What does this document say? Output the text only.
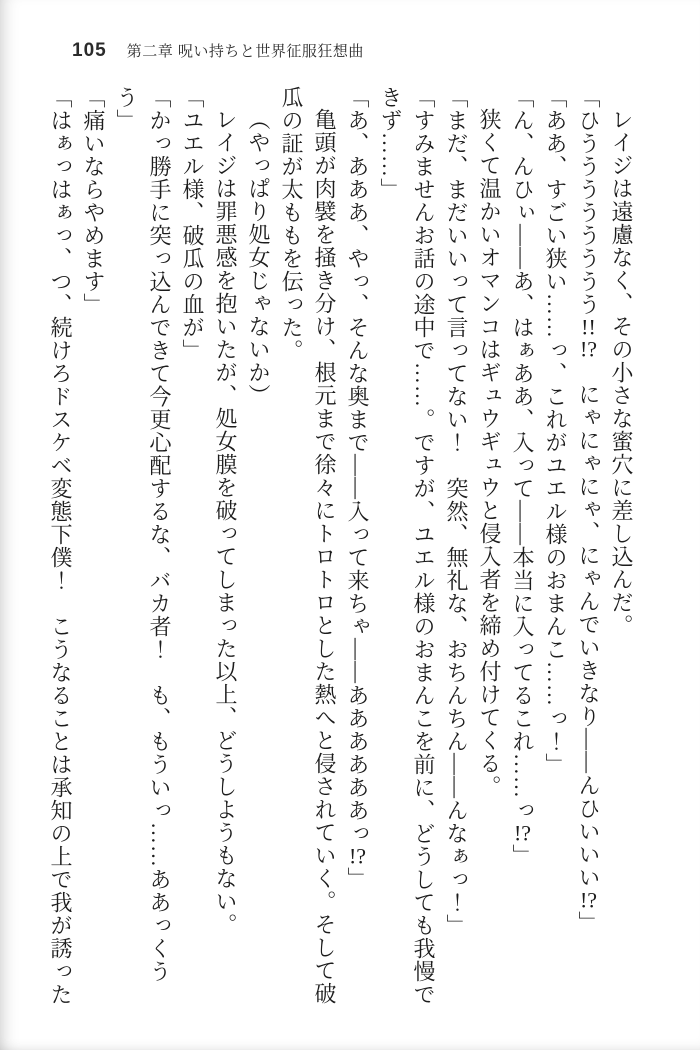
105 第二章 呪い持ちと世界征服狂想曲

レイジは遠慮なく、その小さな蜜穴に差し込んだ。

「ひうううううううう!!!?　にゃにゃにゃ、にゃんでいきなり——んひいいい!?」

「ああ、すごい狭い……っ、これがユエル様のおまんこ……っ！」

「ん、んひぃ——あ、はぁああ、入って——本当に入ってるこれ……っ!?」

狭くて温かいオマンコはギュウギュウと侵入者を締め付けてくる。

「まだ、まだいいって言ってない！　突然、無礼な、おちんちん——んなぁっ！」

「すみませんお話の途中で……。ですが、ユエル様のおまんこを前に、どうしても我慢できず……」

「あ、あああ、やっ、そんな奥まで——入って来ちゃ——ああああああっ!?」

亀頭が肉襞を掻き分け、根元まで徐々にトロトロとした熱へと侵されていく。そして破瓜の証が太ももを伝った。

（やっぱり処女じゃないか）

レイジは罪悪感を抱いたが、処女膜を破ってしまった以上、どうしようもない。

「ユエル様、破瓜の血が」

「かっ勝手に突っ込んできて今更心配するな、バカ者！　も、もういっ……ああっくうう」

「痛いならやめます」

「はぁっはぁっ、つ、続けろドスケベ変態下僕！　こうなることは承知の上で我が誘った
